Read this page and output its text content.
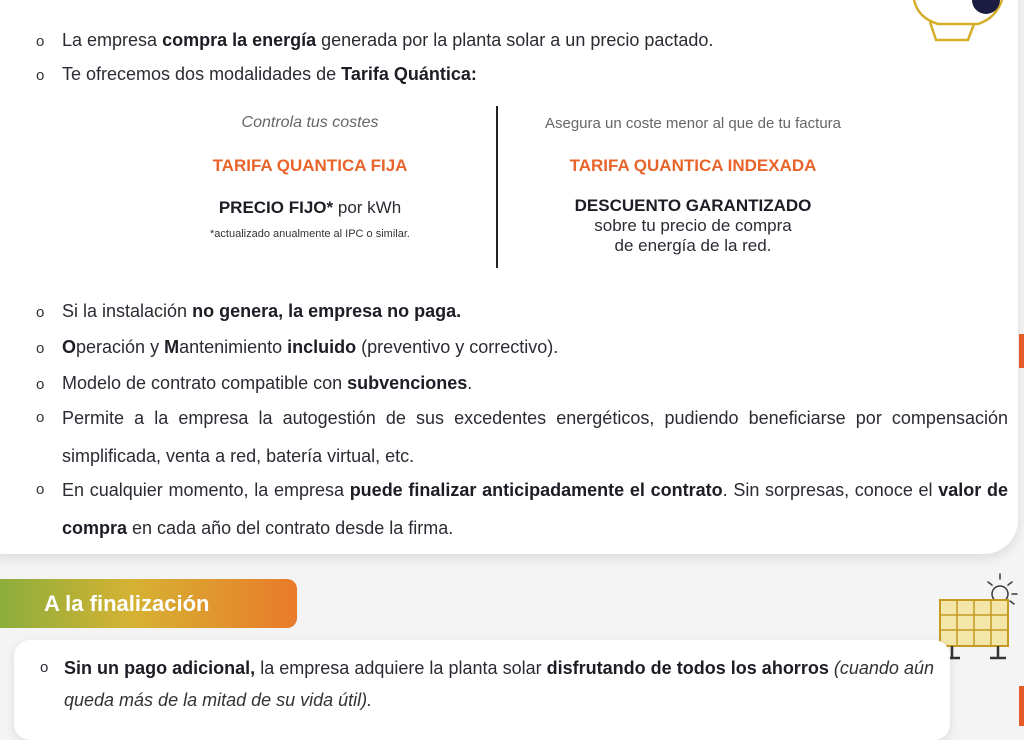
o La empresa compra la energía generada por la planta solar a un precio pactado.
o Te ofrecemos dos modalidades de Tarifa Quántica:
Controla tus costes
TARIFA QUANTICA FIJA
PRECIO FIJO* por kWh
*actualizado anualmente al IPC o similar.
Asegura un coste menor al que de tu factura
TARIFA QUANTICA INDEXADA
DESCUENTO GARANTIZADO
sobre tu precio de compra
de energía de la red.
o Si la instalación no genera, la empresa no paga.
o Operación y Mantenimiento incluido (preventivo y correctivo).
o Modelo de contrato compatible con subvenciones.
o Permite a la empresa la autogestión de sus excedentes energéticos, pudiendo beneficiarse por compensación simplificada, venta a red, batería virtual, etc.
o En cualquier momento, la empresa puede finalizar anticipadamente el contrato. Sin sorpresas, conoce el valor de compra en cada año del contrato desde la firma.
A la finalización
o Sin un pago adicional, la empresa adquiere la planta solar disfrutando de todos los ahorros (cuando aún queda más de la mitad de su vida útil).
